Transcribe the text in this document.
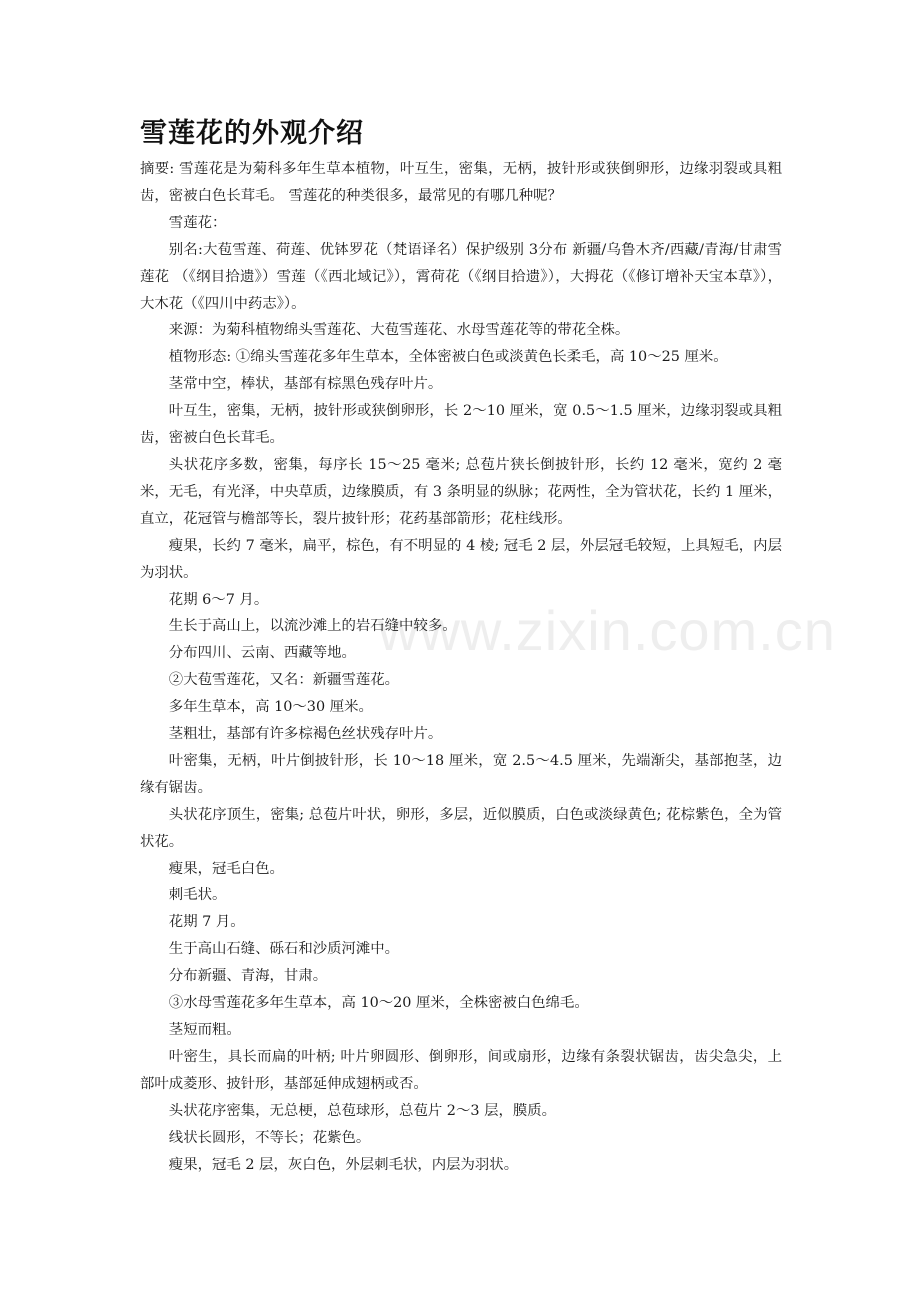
www.zixin.com.cn
雪莲花的外观介绍

摘要: 雪莲花是为菊科多年生草本植物，叶互生，密集，无柄，披针形或狭倒卵形，边缘羽裂或具粗齿，密被白色长茸毛。 雪莲花的种类很多，最常见的有哪几种呢？

雪莲花：

别名:大苞雪莲、荷莲、优钵罗花（梵语译名）保护级别 3分布 新疆/乌鲁木齐/西藏/青海/甘肃雪莲花 （《纲目拾遗》）雪莲（《西北域记》），霄荷花（《纲目拾遗》），大拇花（《修订增补天宝本草》），大木花（《四川中药志》）。

来源：为菊科植物绵头雪莲花、大苞雪莲花、水母雪莲花等的带花全株。

植物形态: ①绵头雪莲花多年生草本，全体密被白色或淡黄色长柔毛，高 10～25 厘米。

茎常中空，棒状，基部有棕黑色残存叶片。

叶互生，密集，无柄，披针形或狭倒卵形，长 2～10 厘米，宽 0.5～1.5 厘米，边缘羽裂或具粗齿，密被白色长茸毛。

头状花序多数，密集，每序长 15～25 毫米; 总苞片狭长倒披针形，长约 12 毫米，宽约 2 毫米，无毛，有光泽，中央草质，边缘膜质，有 3 条明显的纵脉；花两性，全为管状花，长约 1 厘米，直立，花冠管与檐部等长，裂片披针形；花药基部箭形；花柱线形。

瘦果，长约 7 毫米，扁平，棕色，有不明显的 4 棱; 冠毛 2 层，外层冠毛较短，上具短毛，内层为羽状。

花期 6～7 月。

生长于高山上，以流沙滩上的岩石缝中较多。

分布四川、云南、西藏等地。

②大苞雪莲花，又名：新疆雪莲花。

多年生草本，高 10～30 厘米。

茎粗壮，基部有许多棕褐色丝状残存叶片。

叶密集，无柄，叶片倒披针形，长 10～18 厘米，宽 2.5～4.5 厘米，先端渐尖，基部抱茎，边缘有锯齿。

头状花序顶生，密集; 总苞片叶状，卵形，多层，近似膜质，白色或淡绿黄色; 花棕紫色，全为管状花。

瘦果，冠毛白色。

刺毛状。

花期 7 月。

生于高山石缝、砾石和沙质河滩中。

分布新疆、青海，甘肃。

③水母雪莲花多年生草本，高 10～20 厘米，全株密被白色绵毛。

茎短而粗。

叶密生，具长而扁的叶柄; 叶片卵圆形、倒卵形，间或扇形，边缘有条裂状锯齿，齿尖急尖，上部叶成菱形、披针形，基部延伸成翅柄或否。

头状花序密集，无总梗，总苞球形，总苞片 2～3 层，膜质。

线状长圆形，不等长；花紫色。

瘦果，冠毛 2 层，灰白色，外层刺毛状，内层为羽状。
